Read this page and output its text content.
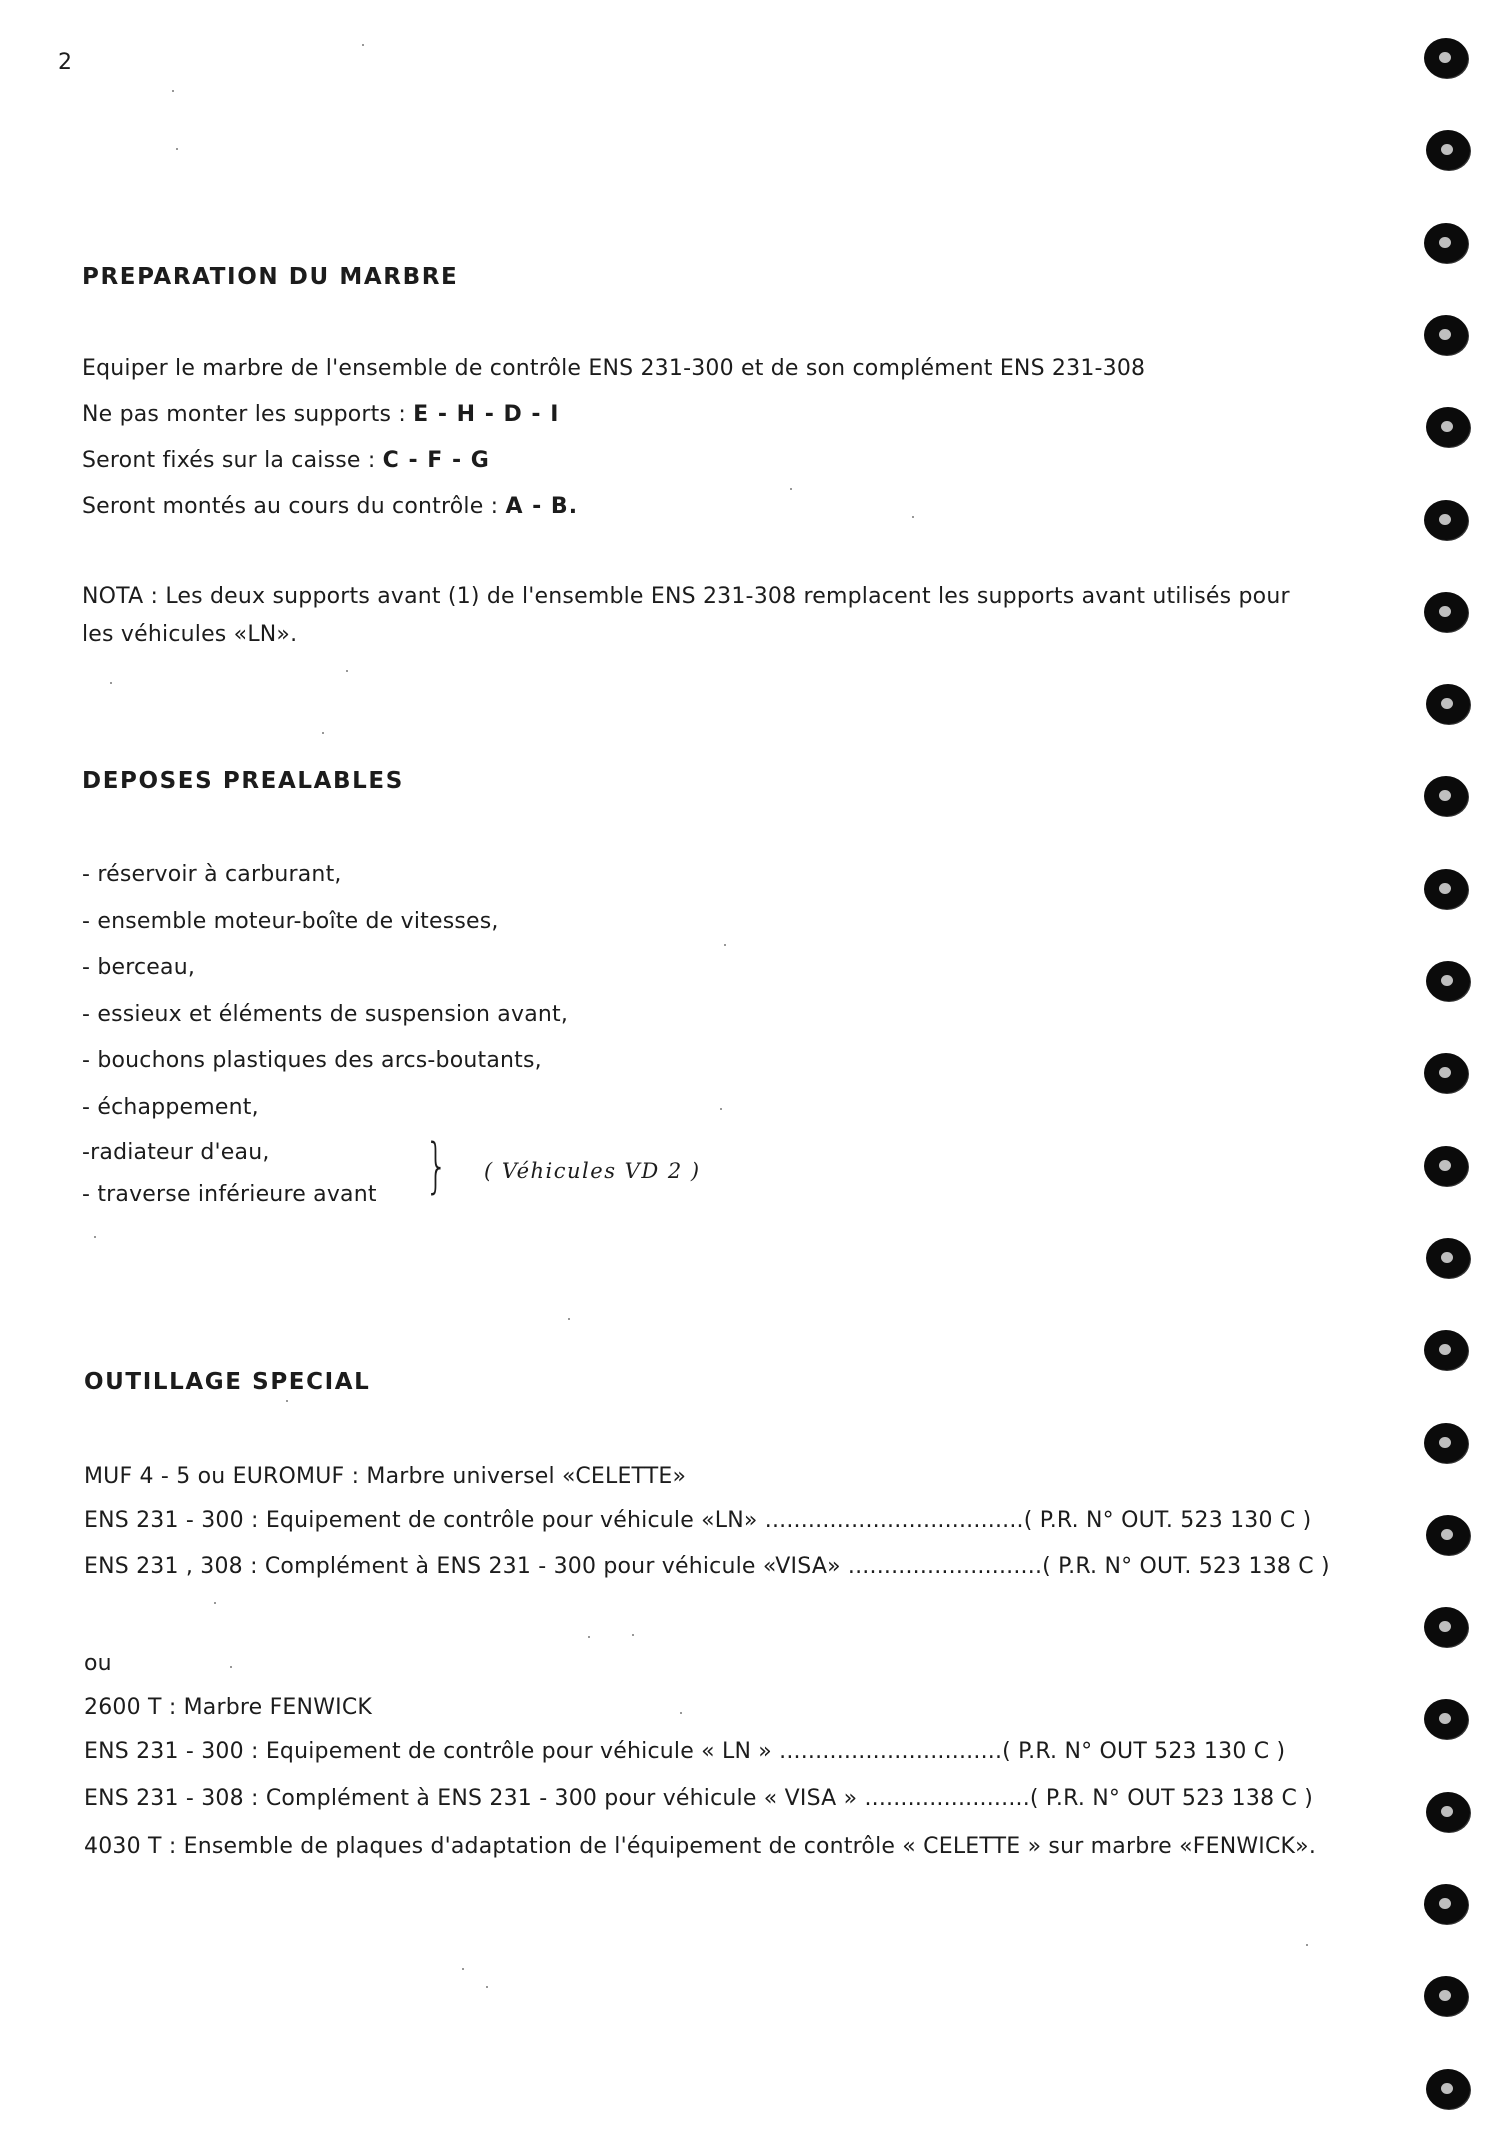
2
PREPARATION DU MARBRE
Equiper le marbre de l'ensemble de contrôle ENS 231-300 et de son complément ENS 231-308
Ne pas monter les supports : E - H - D - I
Seront fixés sur la caisse : C - F - G
Seront montés au cours du contrôle : A - B.
NOTA : Les deux supports avant (1) de l'ensemble ENS 231-308 remplacent les supports avant utilisés pour
les véhicules «LN».
DEPOSES PREALABLES
- réservoir à carburant,
- ensemble moteur-boîte de vitesses,
- berceau,
- essieux et éléments de suspension avant,
- bouchons plastiques des arcs-boutants,
- échappement,
-radiateur d'eau,
- traverse inférieure avant } ( Véhicules VD 2 )
OUTILLAGE SPECIAL
MUF 4 - 5 ou EUROMUF : Marbre universel «CELETTE»
ENS 231 - 300 : Equipement de contrôle pour véhicule «LN» ....................................( P.R. N° OUT. 523 130 C )
ENS 231 , 308 : Complément à ENS 231 - 300 pour véhicule «VISA» ...........................( P.R. N° OUT. 523 138 C )
ou
2600 T : Marbre FENWICK
ENS 231 - 300 : Equipement de contrôle pour véhicule « LN » ...............................( P.R. N° OUT 523 130 C )
ENS 231 - 308 : Complément à ENS 231 - 300 pour véhicule « VISA » .......................( P.R. N° OUT 523 138 C )
4030 T : Ensemble de plaques d'adaptation de l'équipement de contrôle « CELETTE » sur marbre «FENWICK».
